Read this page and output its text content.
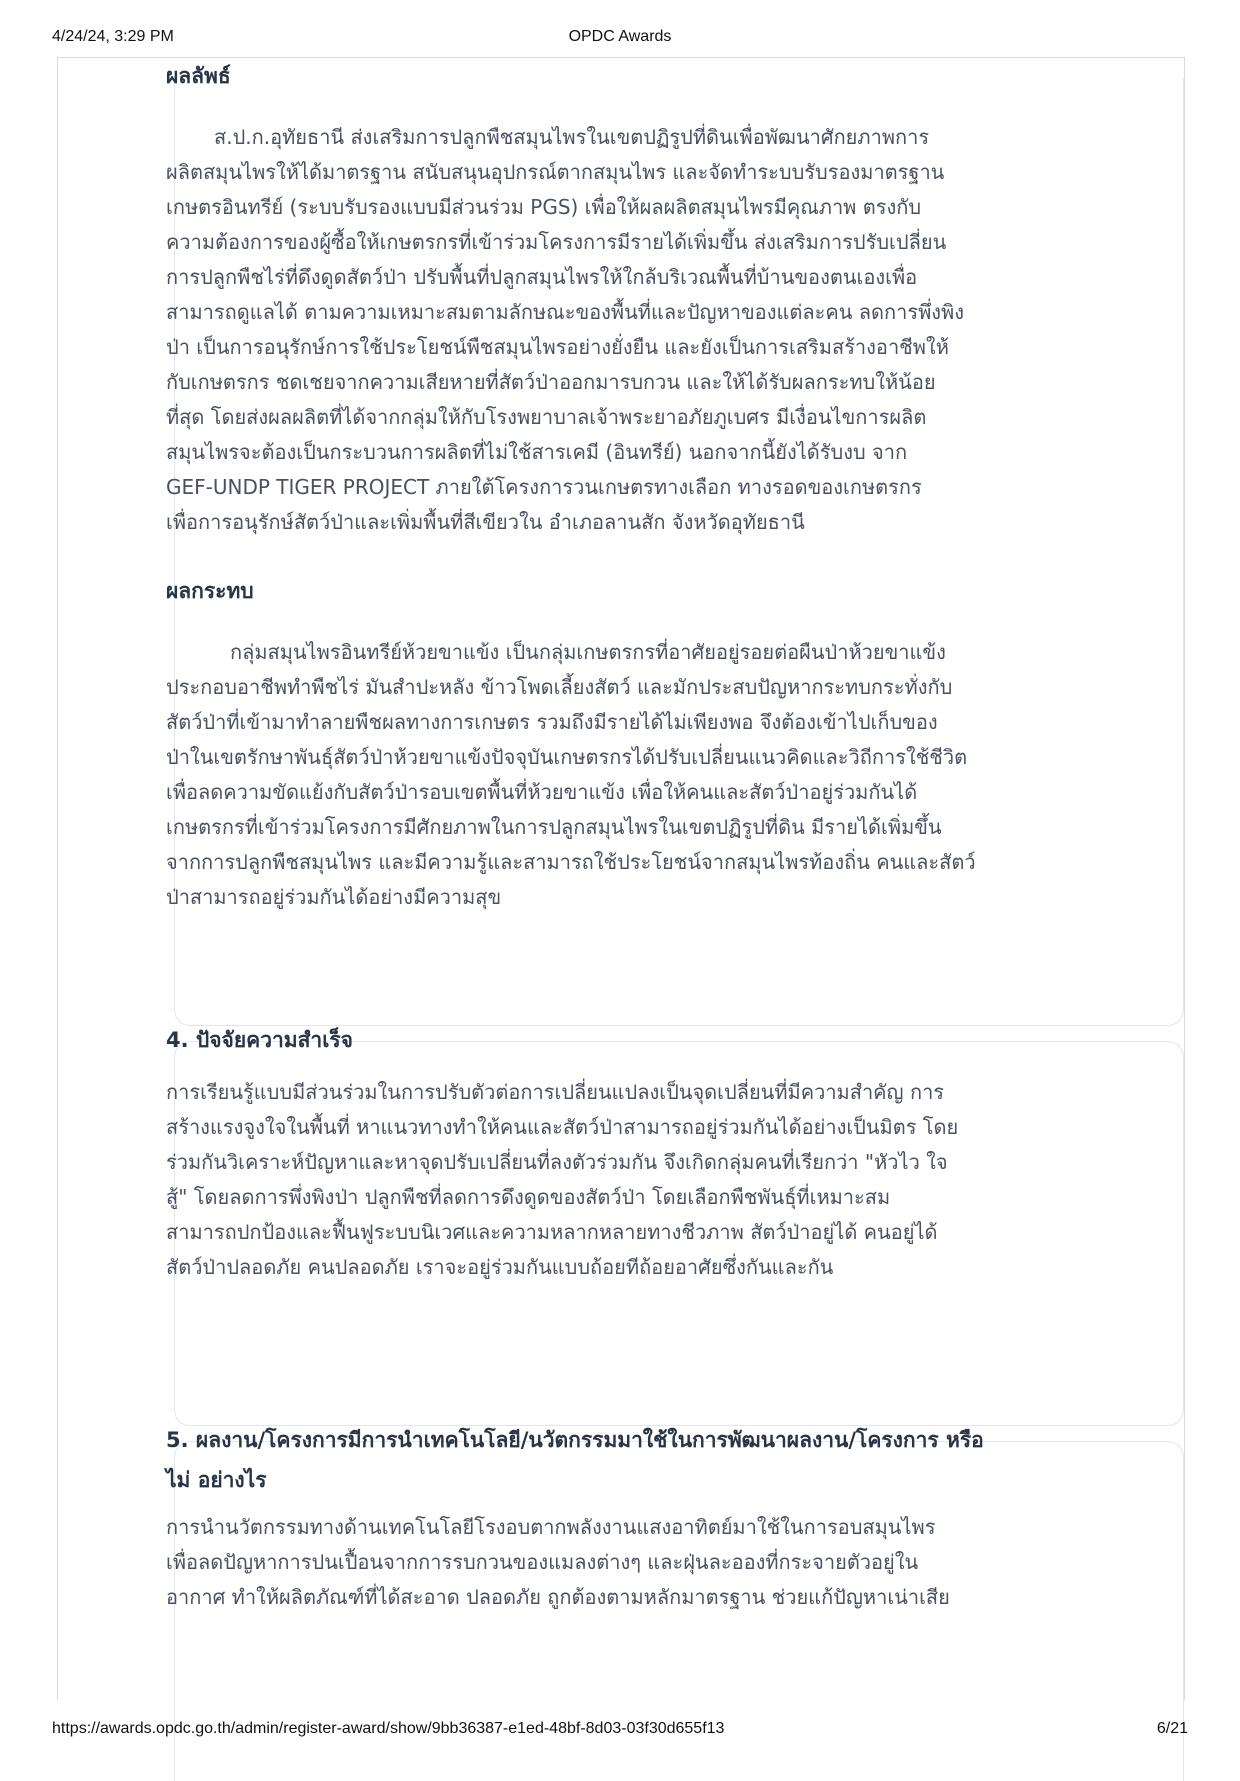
4/24/24, 3:29 PM	OPDC Awards
ผลลัพธ์

ส.ป.ก.อุทัยธานี ส่งเสริมการปลูกพืชสมุนไพรในเขตปฏิรูปที่ดินเพื่อพัฒนาศักยภาพการ
ผลิตสมุนไพรให้ได้มาตรฐาน สนับสนุนอุปกรณ์ตากสมุนไพร และจัดทำระบบรับรองมาตรฐาน
เกษตรอินทรีย์ (ระบบรับรองแบบมีส่วนร่วม PGS) เพื่อให้ผลผลิตสมุนไพรมีคุณภาพ ตรงกับ
ความต้องการของผู้ซื้อให้เกษตรกรที่เข้าร่วมโครงการมีรายได้เพิ่มขึ้น ส่งเสริมการปรับเปลี่ยน
การปลูกพืชไร่ที่ดึงดูดสัตว์ป่า ปรับพื้นที่ปลูกสมุนไพรให้ใกล้บริเวณพื้นที่บ้านของตนเองเพื่อ
สามารถดูแลได้ ตามความเหมาะสมตามลักษณะของพื้นที่และปัญหาของแต่ละคน ลดการพึ่งพิง
ป่า เป็นการอนุรักษ์การใช้ประโยชน์พืชสมุนไพรอย่างยั่งยืน และยังเป็นการเสริมสร้างอาชีพให้
กับเกษตรกร ชดเชยจากความเสียหายที่สัตว์ป่าออกมารบกวน และให้ได้รับผลกระทบให้น้อย
ที่สุด โดยส่งผลผลิตที่ได้จากกลุ่มให้กับโรงพยาบาลเจ้าพระยาอภัยภูเบศร มีเงื่อนไขการผลิต
สมุนไพรจะต้องเป็นกระบวนการผลิตที่ไม่ใช้สารเคมี (อินทรีย์) นอกจากนี้ยังได้รับงบ จาก
GEF-UNDP TIGER PROJECT ภายใต้โครงการวนเกษตรทางเลือก ทางรอดของเกษตรกร
เพื่อการอนุรักษ์สัตว์ป่าและเพิ่มพื้นที่สีเขียวใน อำเภอลานสัก จังหวัดอุทัยธานี

ผลกระทบ

กลุ่มสมุนไพรอินทรีย์ห้วยขาแข้ง เป็นกลุ่มเกษตรกรที่อาศัยอยู่รอยต่อผืนป่าห้วยขาแข้ง
ประกอบอาชีพทำพืชไร่ มันสำปะหลัง ข้าวโพดเลี้ยงสัตว์ และมักประสบปัญหากระทบกระทั่งกับ
สัตว์ป่าที่เข้ามาทำลายพืชผลทางการเกษตร รวมถึงมีรายได้ไม่เพียงพอ จึงต้องเข้าไปเก็บของ
ป่าในเขตรักษาพันธุ์สัตว์ป่าห้วยขาแข้งปัจจุบันเกษตรกรได้ปรับเปลี่ยนแนวคิดและวิถีการใช้ชีวิต
เพื่อลดความขัดแย้งกับสัตว์ป่ารอบเขตพื้นที่ห้วยขาแข้ง เพื่อให้คนและสัตว์ป่าอยู่ร่วมกันได้
เกษตรกรที่เข้าร่วมโครงการมีศักยภาพในการปลูกสมุนไพรในเขตปฏิรูปที่ดิน มีรายได้เพิ่มขึ้น
จากการปลูกพืชสมุนไพร และมีความรู้และสามารถใช้ประโยชน์จากสมุนไพรท้องถิ่น คนและสัตว์
ป่าสามารถอยู่ร่วมกันได้อย่างมีความสุข

4. ปัจจัยความสำเร็จ

การเรียนรู้แบบมีส่วนร่วมในการปรับตัวต่อการเปลี่ยนแปลงเป็นจุดเปลี่ยนที่มีความสำคัญ การ
สร้างแรงจูงใจในพื้นที่ หาแนวทางทำให้คนและสัตว์ป่าสามารถอยู่ร่วมกันได้อย่างเป็นมิตร โดย
ร่วมกันวิเคราะห์ปัญหาและหาจุดปรับเปลี่ยนที่ลงตัวร่วมกัน จึงเกิดกลุ่มคนที่เรียกว่า "หัวไว ใจ
สู้" โดยลดการพึ่งพิงป่า ปลูกพืชที่ลดการดึงดูดของสัตว์ป่า โดยเลือกพืชพันธุ์ที่เหมาะสม
สามารถปกป้องและฟื้นฟูระบบนิเวศและความหลากหลายทางชีวภาพ สัตว์ป่าอยู่ได้ คนอยู่ได้
สัตว์ป่าปลอดภัย คนปลอดภัย เราจะอยู่ร่วมกันแบบถ้อยทีถ้อยอาศัยซึ่งกันและกัน

5. ผลงาน/โครงการมีการนำเทคโนโลยี/นวัตกรรมมาใช้ในการพัฒนาผลงาน/โครงการ หรือ
ไม่ อย่างไร

การนำนวัตกรรมทางด้านเทคโนโลยีโรงอบตากพลังงานแสงอาทิตย์มาใช้ในการอบสมุนไพร
เพื่อลดปัญหาการปนเปื้อนจากการรบกวนของแมลงต่างๆ และฝุ่นละอองที่กระจายตัวอยู่ใน
อากาศ ทำให้ผลิตภัณฑ์ที่ได้สะอาด ปลอดภัย ถูกต้องตามหลักมาตรฐาน ช่วยแก้ปัญหาเน่าเสีย

https://awards.opdc.go.th/admin/register-award/show/9bb36387-e1ed-48bf-8d03-03f30d655f13	6/21
